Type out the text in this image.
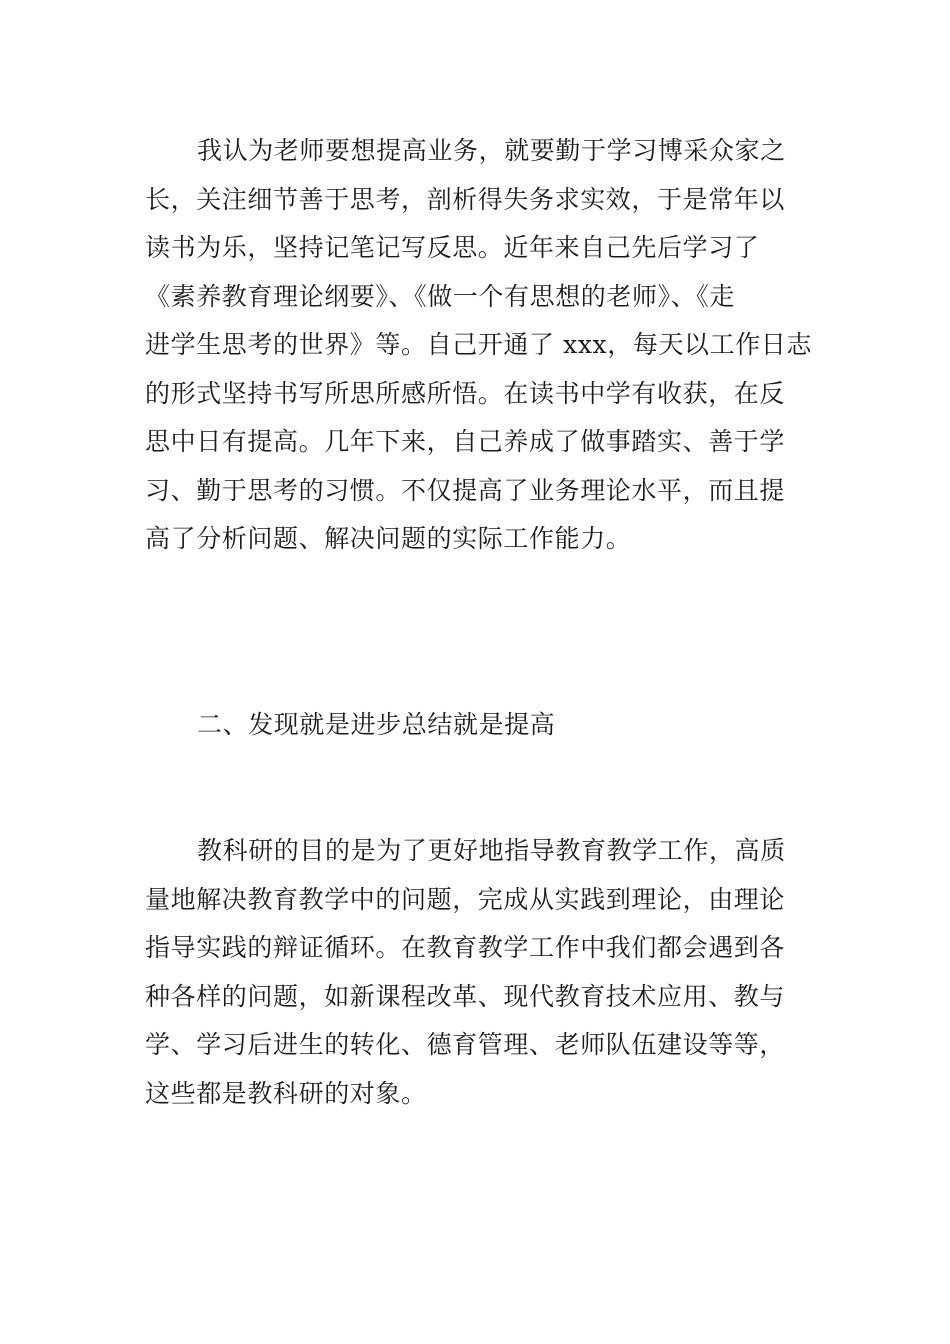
我认为老师要想提高业务，就要勤于学习博采众家之
长，关注细节善于思考，剖析得失务求实效，于是常年以
读书为乐，坚持记笔记写反思。近年来自己先后学习了
《素养教育理论纲要》、《做一个有思想的老师》、《走
进学生思考的世界》等。自己开通了 xxx，每天以工作日志
的形式坚持书写所思所感所悟。在读书中学有收获，在反
思中日有提高。几年下来，自己养成了做事踏实、善于学
习、勤于思考的习惯。不仅提高了业务理论水平，而且提
高了分析问题、解决问题的实际工作能力。

二、发现就是进步总结就是提高

教科研的目的是为了更好地指导教育教学工作，高质
量地解决教育教学中的问题，完成从实践到理论，由理论
指导实践的辩证循环。在教育教学工作中我们都会遇到各
种各样的问题，如新课程改革、现代教育技术应用、教与
学、学习后进生的转化、德育管理、老师队伍建设等等，
这些都是教科研的对象。
